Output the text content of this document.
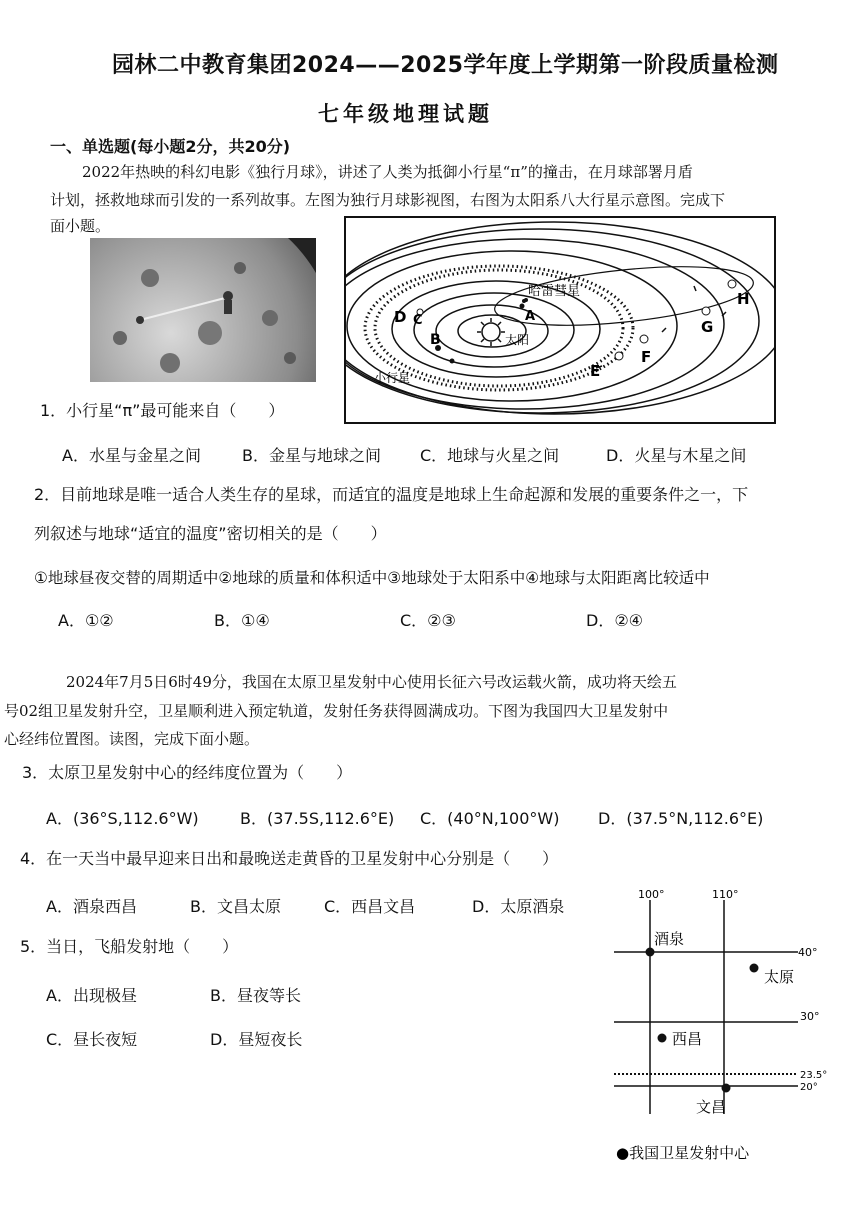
园林二中教育集团2024——2025学年度上学期第一阶段质量检测
七年级地理试题
一、单选题(每小题2分，共20分)
2022年热映的科幻电影《独行月球》，讲述了人类为抵御小行星“π”的撞击，在月球部署月盾
计划，拯救地球而引发的一系列故事。左图为独行月球影视图，右图为太阳系八大行星示意图。完成下
面小题。
哈雷彗星
太阳
小行星
H
G
F
E
D C
B
A
1．小行星“π”最可能来自（　　）
A．水星与金星之间	B．金星与地球之间 C．地球与火星之间	D．火星与木星之间
2．目前地球是唯一适合人类生存的星球，而适宜的温度是地球上生命起源和发展的重要条件之一，下
列叙述与地球“适宜的温度”密切相关的是（　　）
①地球昼夜交替的周期适中②地球的质量和体积适中③地球处于太阳系中④地球与太阳距离比较适中
A．①②	B．①④	C．②③	D．②④
2024年7月5日6时49分，我国在太原卫星发射中心使用长征六号改运载火箭，成功将天绘五
号02组卫星发射升空，卫星顺利进入预定轨道，发射任务获得圆满成功。下图为我国四大卫星发射中
心经纬位置图。读图，完成下面小题。
3．太原卫星发射中心的经纬度位置为（　　）
A．(36°S,112.6°W)	B．(37.5S,112.6°E) C．(40°N,100°W) D．(37.5°N,112.6°E)
4．在一天当中最早迎来日出和最晚送走黄昏的卫星发射中心分别是（　　）
A．酒泉西昌	B．文昌太原	C．西昌文昌	D．太原酒泉
5．当日，飞船发射地（　　）
A．出现极昼	B．昼夜等长
C．昼长夜短	D．昼短夜长
100°	110°
40°
30°
23.5°
20°
酒泉
太原
西昌
文昌
●我国卫星发射中心
